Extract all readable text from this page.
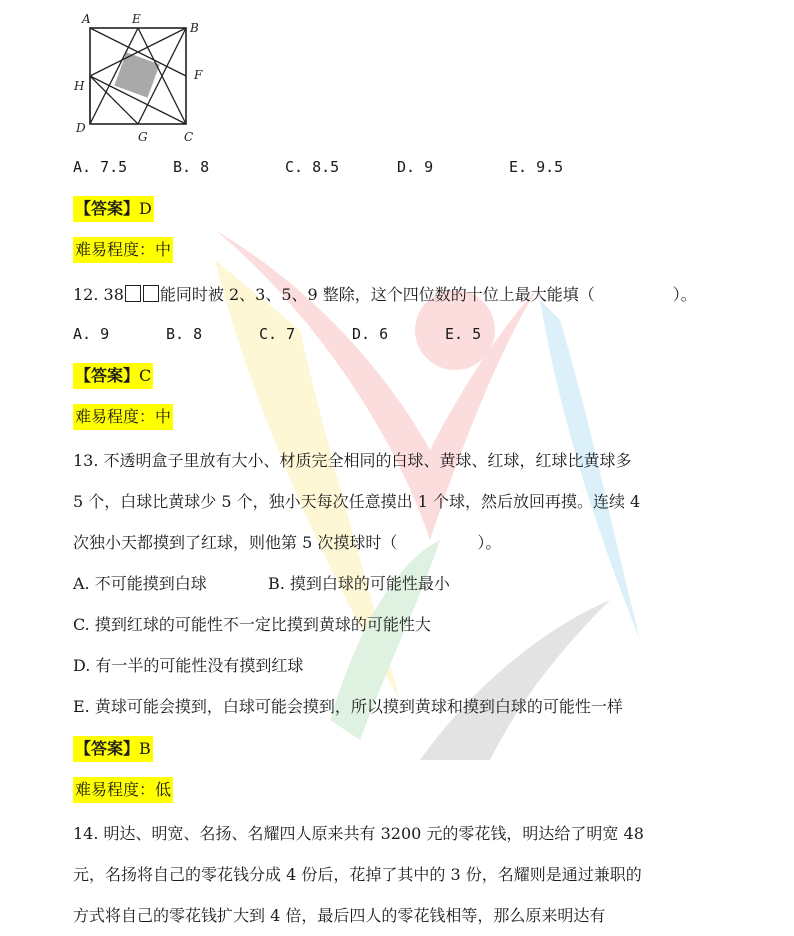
A	E
B
F
H
D
G	C
A. 7.5	B. 8	C. 8.5	D. 9	E. 9.5
【答案】D
难易程度：中
12. 38 能同时被 2、3、5、9 整除，这个四位数的十位上最大能填（	）。
A. 9	B. 8	C. 7	D. 6	E. 5
【答案】C
难易程度：中
13. 不透明盒子里放有大小、材质完全相同的白球、黄球、红球，红球比黄球多
5 个，白球比黄球少 5 个，独小天每次任意摸出 1 个球，然后放回再摸。连续 4
次独小天都摸到了红球，则他第 5 次摸球时（	）。
A. 不可能摸到白球	B. 摸到白球的可能性最小
C. 摸到红球的可能性不一定比摸到黄球的可能性大
D. 有一半的可能性没有摸到红球
E. 黄球可能会摸到，白球可能会摸到，所以摸到黄球和摸到白球的可能性一样
【答案】B
难易程度：低
14. 明达、明宽、名扬、名耀四人原来共有 3200 元的零花钱，明达给了明宽 48
元，名扬将自己的零花钱分成 4 份后，花掉了其中的 3 份，名耀则是通过兼职的
方式将自己的零花钱扩大到 4 倍，最后四人的零花钱相等，那么原来明达有
